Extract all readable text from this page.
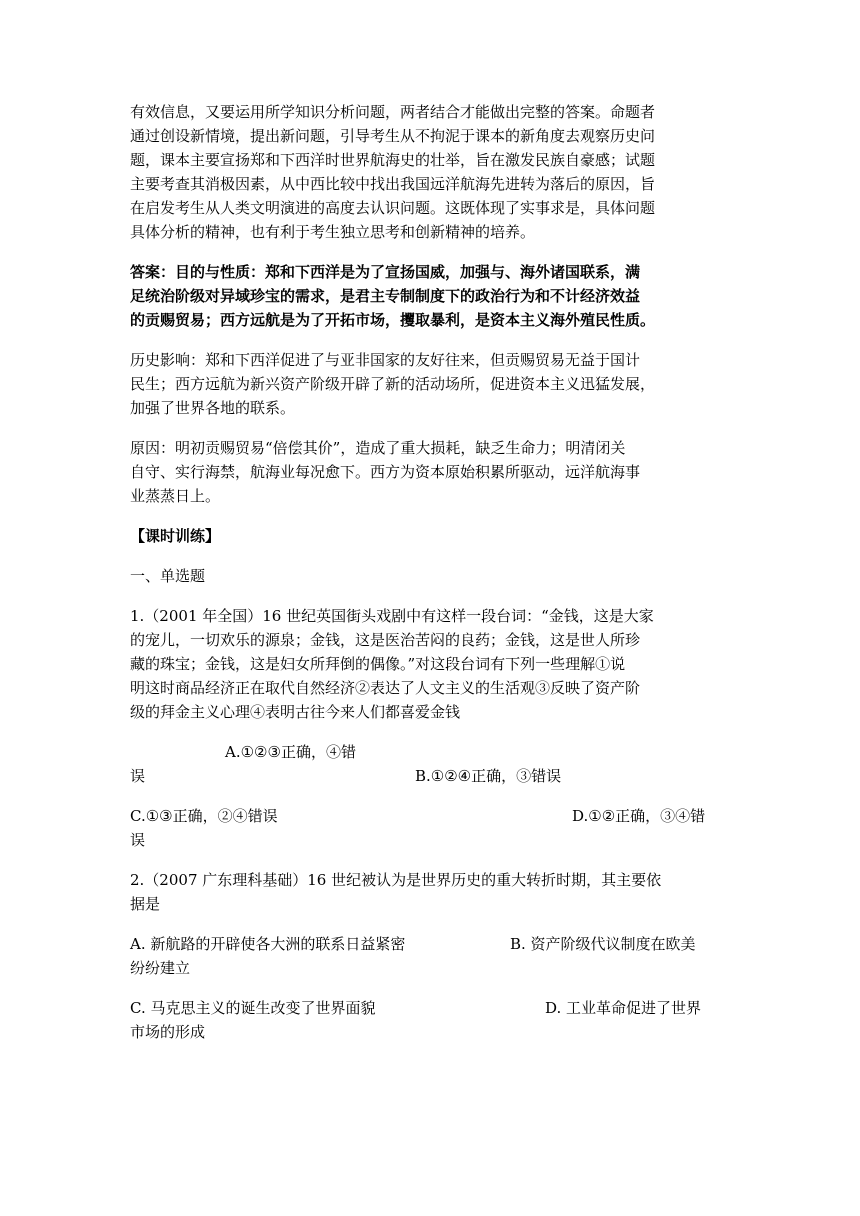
有效信息，又要运用所学知识分析问题，两者结合才能做出完整的答案。命题者
通过创设新情境，提出新问题，引导考生从不拘泥于课本的新角度去观察历史问
题，课本主要宣扬郑和下西洋时世界航海史的壮举，旨在激发民族自豪感；试题
主要考查其消极因素，从中西比较中找出我国远洋航海先进转为落后的原因，旨
在启发考生从人类文明演进的高度去认识问题。这既体现了实事求是，具体问题
具体分析的精神，也有利于考生独立思考和创新精神的培养。
答案：目的与性质：郑和下西洋是为了宣扬国威，加强与、海外诸国联系，满
足统治阶级对异域珍宝的需求，是君主专制制度下的政治行为和不计经济效益
的贡赐贸易；西方远航是为了开拓市场，攫取暴利，是资本主义海外殖民性质。
历史影响：郑和下西洋促进了与亚非国家的友好往来，但贡赐贸易无益于国计
民生；西方远航为新兴资产阶级开辟了新的活动场所，促进资本主义迅猛发展，
加强了世界各地的联系。
原因：明初贡赐贸易“倍偿其价”，造成了重大损耗，缺乏生命力；明清闭关
自守、实行海禁，航海业每况愈下。西方为资本原始积累所驱动，远洋航海事
业蒸蒸日上。
【课时训练】
一、单选题
1.（2001 年全国）16 世纪英国街头戏剧中有这样一段台词：“金钱，这是大家
的宠儿，一切欢乐的源泉；金钱，这是医治苦闷的良药；金钱，这是世人所珍
藏的珠宝；金钱，这是妇女所拜倒的偶像。”对这段台词有下列一些理解①说
明这时商品经济正在取代自然经济②表达了人文主义的生活观③反映了资产阶
级的拜金主义心理④表明古往今来人们都喜爱金钱
A.①②③正确，④错
误	B.①②④正确，③错误
C.①③正确，②④错误	D.①②正确，③④错
误
2.（2007 广东理科基础）16 世纪被认为是世界历史的重大转折时期，其主要依
据是
A. 新航路的开辟使各大洲的联系日益紧密	B. 资产阶级代议制度在欧美
纷纷建立
C. 马克思主义的诞生改变了世界面貌	D. 工业革命促进了世界
市场的形成
